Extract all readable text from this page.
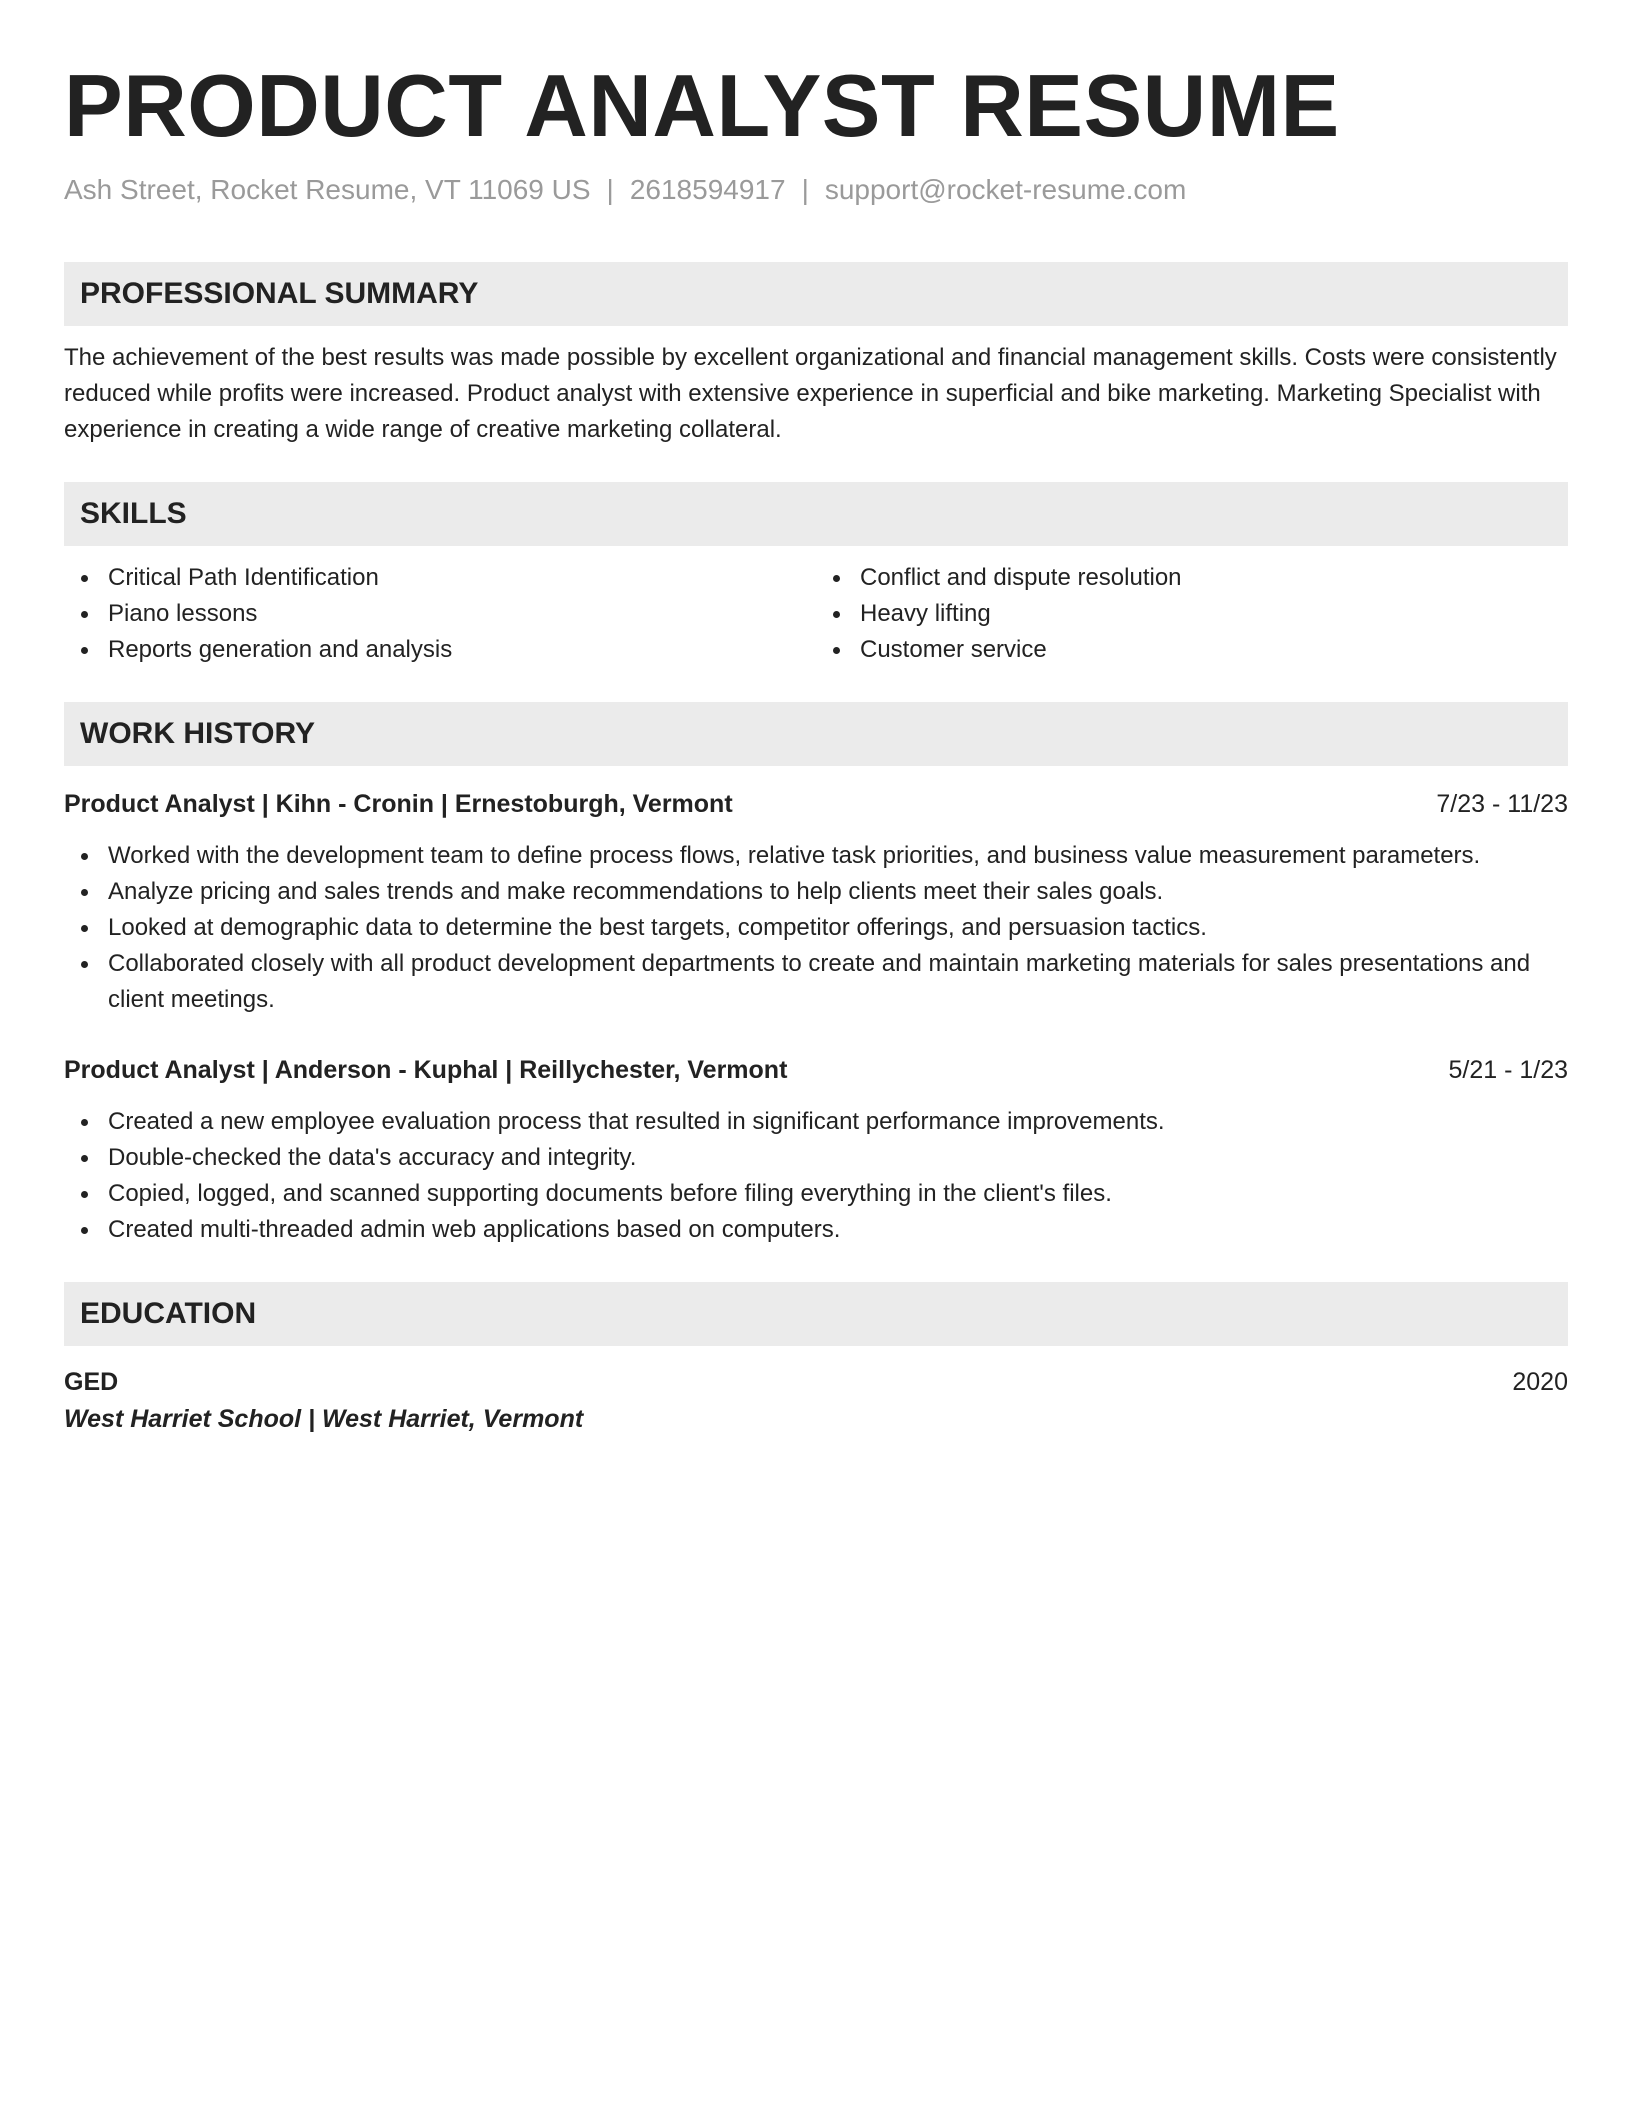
PRODUCT ANALYST RESUME
Ash Street, Rocket Resume, VT 11069 US | 2618594917 | support@rocket-resume.com
PROFESSIONAL SUMMARY
The achievement of the best results was made possible by excellent organizational and financial management skills. Costs were consistently reduced while profits were increased. Product analyst with extensive experience in superficial and bike marketing. Marketing Specialist with experience in creating a wide range of creative marketing collateral.
SKILLS
Critical Path Identification
Piano lessons
Reports generation and analysis
Conflict and dispute resolution
Heavy lifting
Customer service
WORK HISTORY
Product Analyst | Kihn - Cronin | Ernestoburgh, Vermont	7/23 - 11/23
Worked with the development team to define process flows, relative task priorities, and business value measurement parameters.
Analyze pricing and sales trends and make recommendations to help clients meet their sales goals.
Looked at demographic data to determine the best targets, competitor offerings, and persuasion tactics.
Collaborated closely with all product development departments to create and maintain marketing materials for sales presentations and client meetings.
Product Analyst | Anderson - Kuphal | Reillychester, Vermont	5/21 - 1/23
Created a new employee evaluation process that resulted in significant performance improvements.
Double-checked the data's accuracy and integrity.
Copied, logged, and scanned supporting documents before filing everything in the client's files.
Created multi-threaded admin web applications based on computers.
EDUCATION
GED	2020
West Harriet School | West Harriet, Vermont
